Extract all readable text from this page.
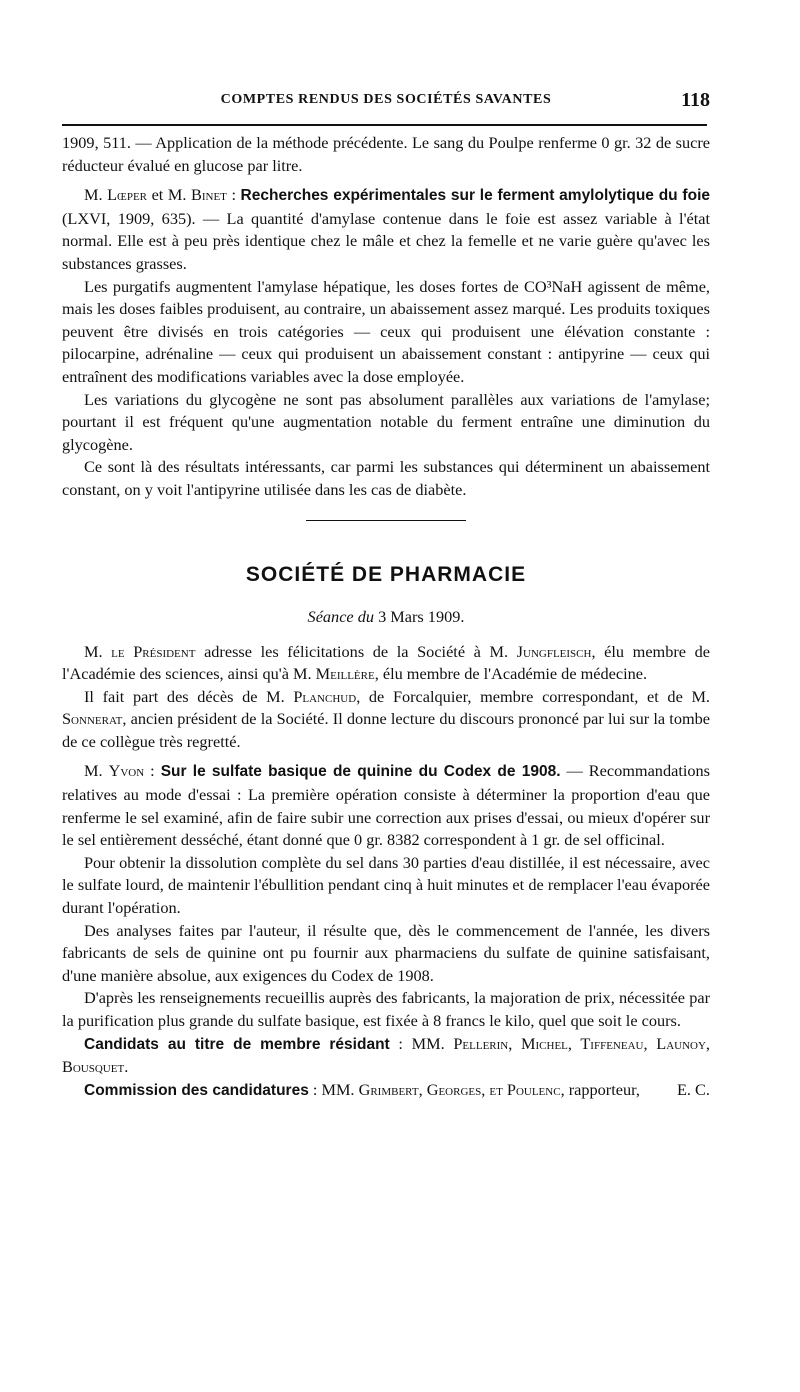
COMPTES RENDUS DES SOCIÉTÉS SAVANTES	118

1909, 511. — Application de la méthode précédente. Le sang du Poulpe renferme 0 gr. 32 de sucre réducteur évalué en glucose par litre.

M. Lœper et M. Binet : Recherches expérimentales sur le ferment amylolytique du foie (LXVI, 1909, 635). — La quantité d'amylase contenue dans le foie est assez variable à l'état normal. Elle est à peu près identique chez le mâle et chez la femelle et ne varie guère qu'avec les substances grasses.

Les purgatifs augmentent l'amylase hépatique, les doses fortes de CO³NaH agissent de même, mais les doses faibles produisent, au contraire, un abaissement assez marqué. Les produits toxiques peuvent être divisés en trois catégories — ceux qui produisent une élévation constante : pilocarpine, adrénaline — ceux qui produisent un abaissement constant : antipyrine — ceux qui entraînent des modifications variables avec la dose employée.

Les variations du glycogène ne sont pas absolument parallèles aux variations de l'amylase; pourtant il est fréquent qu'une augmentation notable du ferment entraîne une diminution du glycogène.

Ce sont là des résultats intéressants, car parmi les substances qui déterminent un abaissement constant, on y voit l'antipyrine utilisée dans les cas de diabète.

SOCIÉTÉ DE PHARMACIE
Séance du 3 Mars 1909.

M. le Président adresse les félicitations de la Société à M. Jungfleisch, élu membre de l'Académie des sciences, ainsi qu'à M. Meillère, élu membre de l'Académie de médecine.

Il fait part des décès de M. Planchud, de Forcalquier, membre correspondant, et de M. Sonnerat, ancien président de la Société. Il donne lecture du discours prononcé par lui sur la tombe de ce collègue très regretté.

M. Yvon : Sur le sulfate basique de quinine du Codex de 1908. — Recommandations relatives au mode d'essai : La première opération consiste à déterminer la proportion d'eau que renferme le sel examiné, afin de faire subir une correction aux prises d'essai, ou mieux d'opérer sur le sel entièrement desséché, étant donné que 0 gr. 8382 correspondent à 1 gr. de sel officinal.

Pour obtenir la dissolution complète du sel dans 30 parties d'eau distillée, il est nécessaire, avec le sulfate lourd, de maintenir l'ébullition pendant cinq à huit minutes et de remplacer l'eau évaporée durant l'opération.

Des analyses faites par l'auteur, il résulte que, dès le commencement de l'année, les divers fabricants de sels de quinine ont pu fournir aux pharmaciens du sulfate de quinine satisfaisant, d'une manière absolue, aux exigences du Codex de 1908.

D'après les renseignements recueillis auprès des fabricants, la majoration de prix, nécessitée par la purification plus grande du sulfate basique, est fixée à 8 francs le kilo, quel que soit le cours.

Candidats au titre de membre résidant : MM. Pellerin, Michel, Tiffeneau, Launoy, Bousquet.

Commission des candidatures : MM. Grimbert, Georges, et Poulenc, rapporteur,	E. C.
